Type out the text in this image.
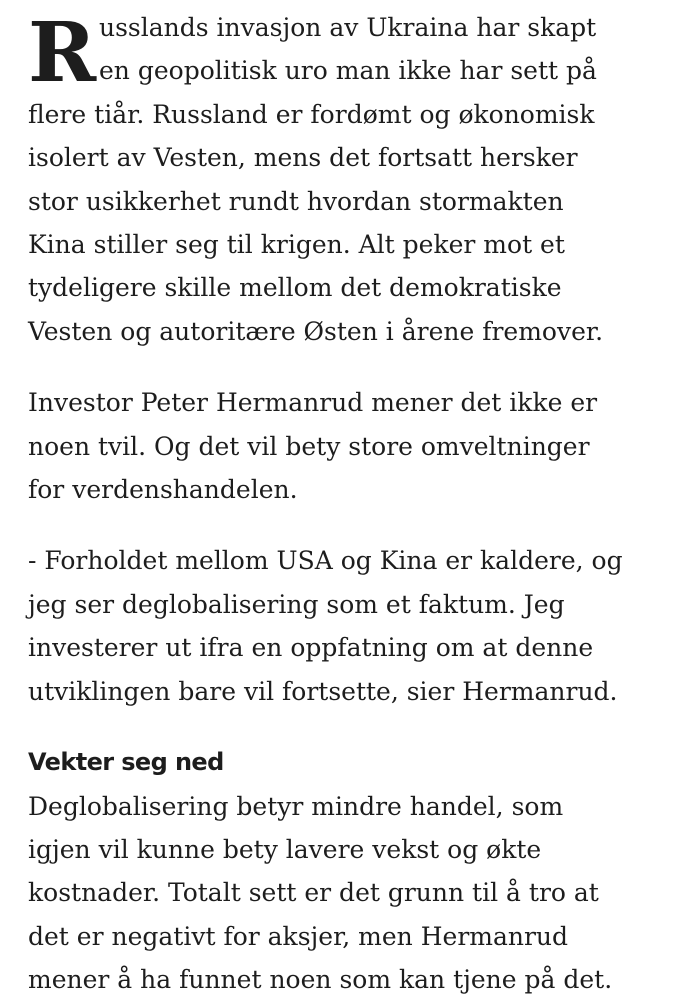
R usslands invasjon av Ukraina har skapt
en geopolitisk uro man ikke har sett på
flere tiår. Russland er fordømt og økonomisk
isolert av Vesten, mens det fortsatt hersker
stor usikkerhet rundt hvordan stormakten
Kina stiller seg til krigen. Alt peker mot et
tydeligere skille mellom det demokratiske
Vesten og autoritære Østen i årene fremover.

Investor Peter Hermanrud mener det ikke er
noen tvil. Og det vil bety store omveltninger
for verdenshandelen.

- Forholdet mellom USA og Kina er kaldere, og
jeg ser deglobalisering som et faktum. Jeg
investerer ut ifra en oppfatning om at denne
utviklingen bare vil fortsette, sier Hermanrud.

Vekter seg ned

Deglobalisering betyr mindre handel, som
igjen vil kunne bety lavere vekst og økte
kostnader. Totalt sett er det grunn til å tro at
det er negativt for aksjer, men Hermanrud
mener å ha funnet noen som kan tjene på det.
